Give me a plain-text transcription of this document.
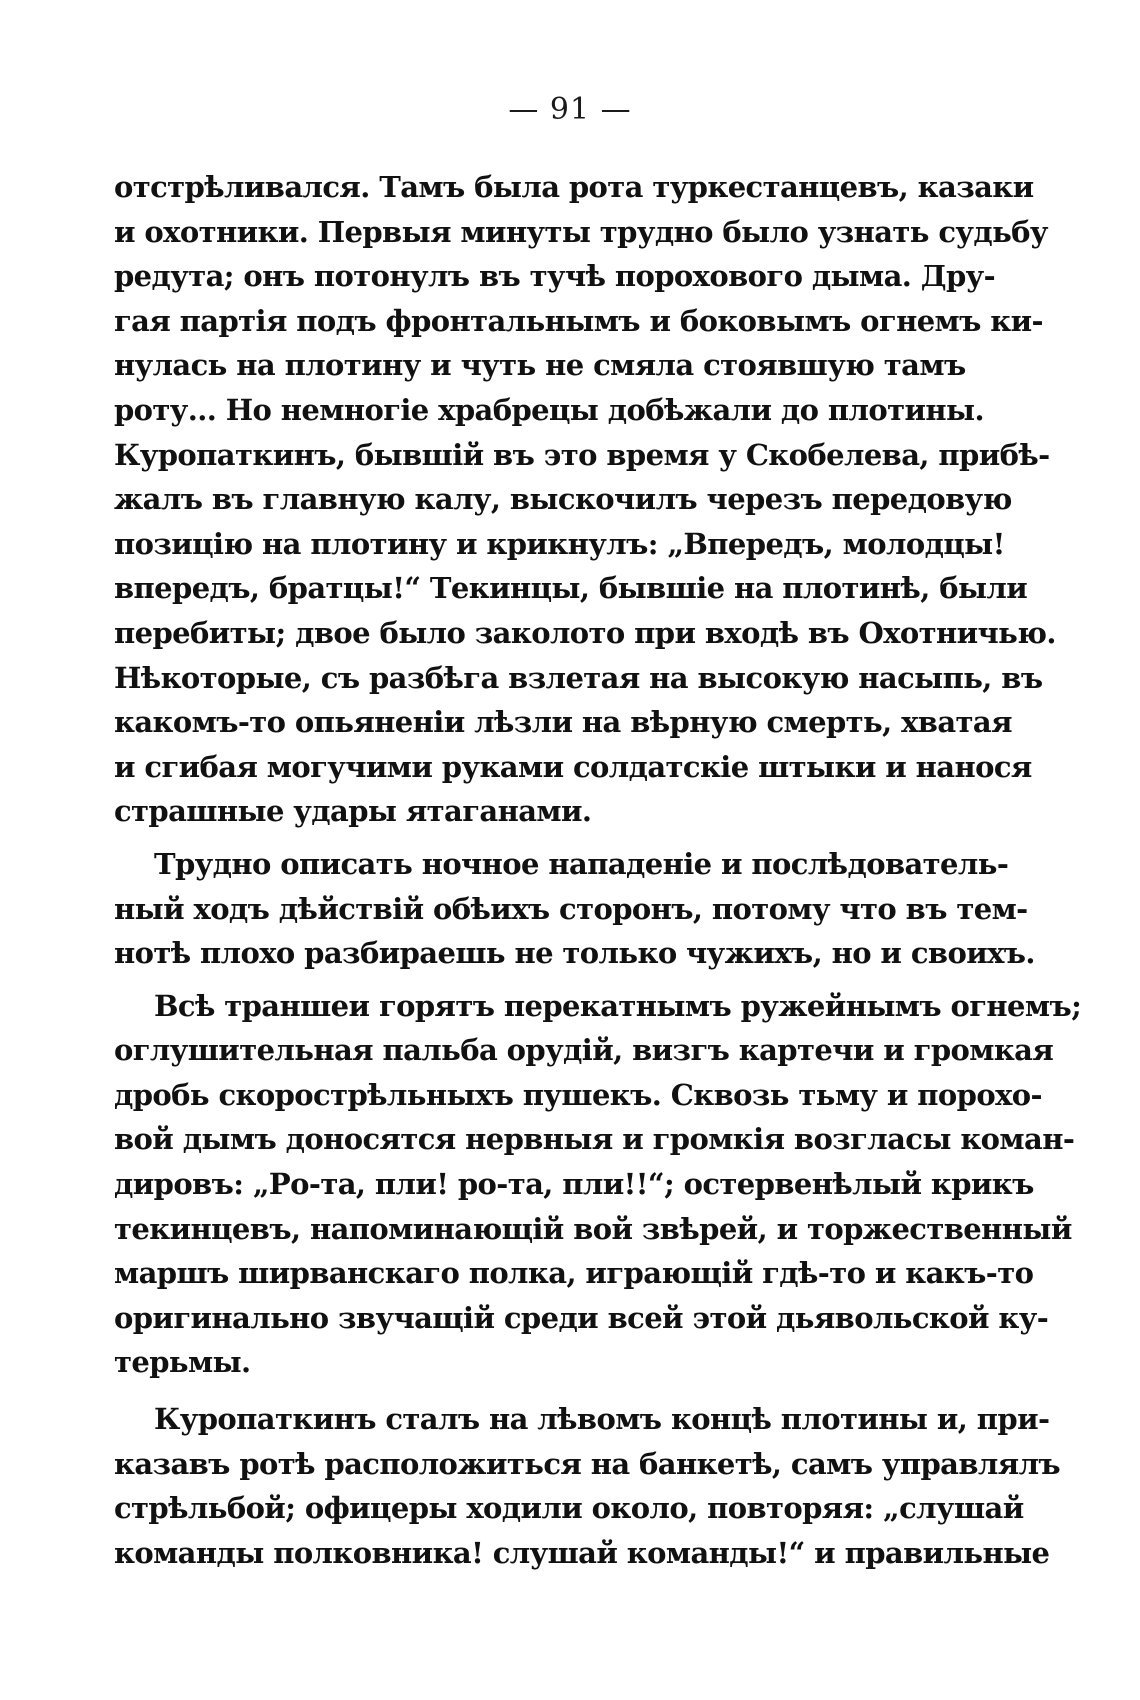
— 91 —
отстрѣливался. Тамъ была рота туркестанцевъ, казаки
и охотники. Первыя минуты трудно было узнать судьбу
редута; онъ потонулъ въ тучѣ порохового дыма. Дру-
гая партія подъ фронтальнымъ и боковымъ огнемъ ки-
нулась на плотину и чуть не смяла стоявшую тамъ
роту... Но немногіе храбрецы добѣжали до плотины.
Куропаткинъ, бывшій въ это время у Скобелева, прибѣ-
жалъ въ главную калу, выскочилъ черезъ передовую
позицію на плотину и крикнулъ: „Впередъ, молодцы!
впередъ, братцы!“ Текинцы, бывшіе на плотинѣ, были
перебиты; двое было заколото при входѣ въ Охотничью.
Нѣкоторые, съ разбѣга взлетая на высокую насыпь, въ
какомъ-то опьяненіи лѣзли на вѣрную смерть, хватая
и сгибая могучими руками солдатскіе штыки и нанося
страшные удары ятаганами.
Трудно описать ночное нападеніе и послѣдователь-
ный ходъ дѣйствій обѣихъ сторонъ, потому что въ тем-
нотѣ плохо разбираешь не только чужихъ, но и своихъ.
Всѣ траншеи горятъ перекатнымъ ружейнымъ огнемъ;
оглушительная пальба орудій, визгъ картечи и громкая
дробь скорострѣльныхъ пушекъ. Сквозь тьму и порохо-
вой дымъ доносятся нервныя и громкія возгласы коман-
дировъ: „Ро-та, пли! ро-та, пли!!“; остервенѣлый крикъ
текинцевъ, напоминающій вой звѣрей, и торжественный
маршъ ширванскаго полка, играющій гдѣ-то и какъ-то
оригинально звучащій среди всей этой дьявольской ку-
терьмы.
Куропаткинъ сталъ на лѣвомъ концѣ плотины и, при-
казавъ ротѣ расположиться на банкетѣ, самъ управлялъ
стрѣльбой; офицеры ходили около, повторяя: „слушай
команды полковника! слушай команды!“ и правильные
